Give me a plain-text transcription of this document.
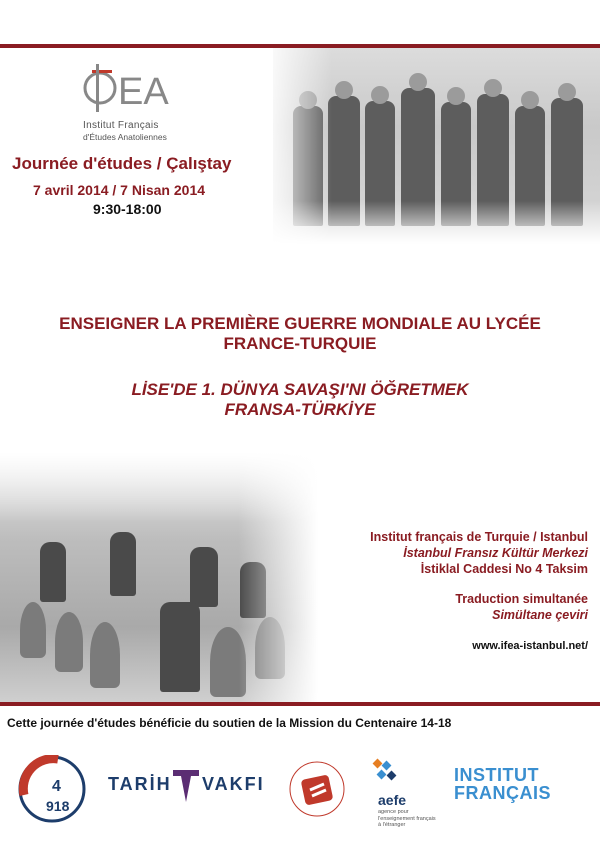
EA
Institut Français
d'Études Anatoliennes
Journée d'études / Çalıştay
7 avril 2014 / 7 Nisan 2014
9:30-18:00
ENSEIGNER LA PREMIÈRE GUERRE MONDIALE AU LYCÉE
FRANCE-TURQUIE
LİSE'DE 1. DÜNYA SAVAŞI'NI ÖĞRETMEK
FRANSA-TÜRKİYE
Institut français de Turquie / Istanbul
İstanbul Fransız Kültür Merkezi
İstiklal Caddesi No 4 Taksim
Traduction simultanée
Simültane çeviri
www.ifea-istanbul.net/
Cette journée d'études bénéficie du soutien de la Mission du Centenaire 14-18
4
918
TARİH VAKFI
aefe
agence pour l'enseignement français à l'étranger
INSTITUT
FRANÇAIS
